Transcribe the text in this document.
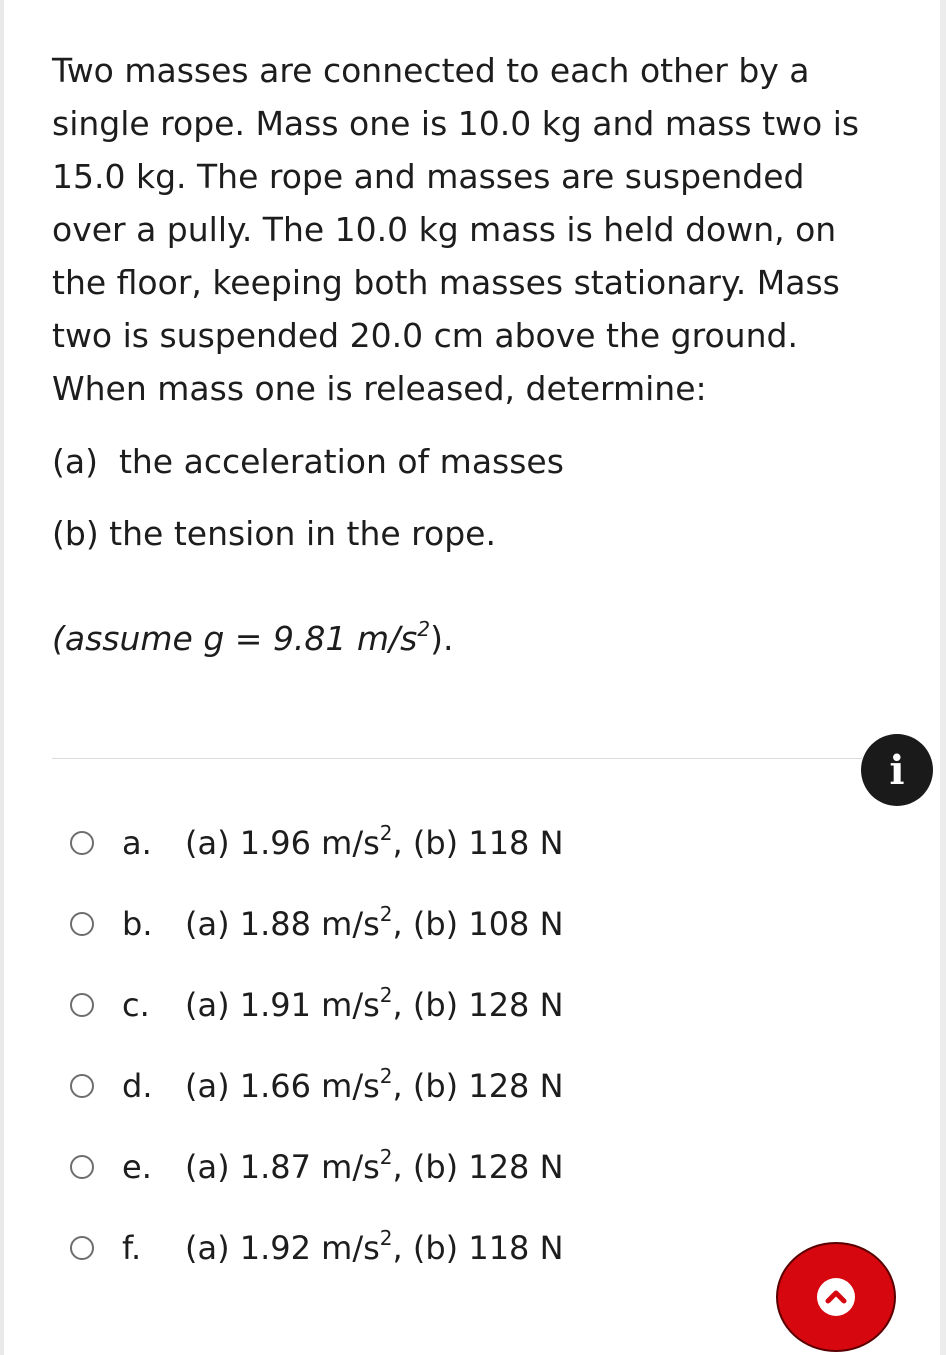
Two masses are connected to each other by a
single rope. Mass one is 10.0 kg and mass two is
15.0 kg. The rope and masses are suspended
over a pully. The 10.0 kg mass is held down, on
the floor, keeping both masses stationary. Mass
two is suspended 20.0 cm above the ground.
When mass one is released, determine:

(a)  the acceleration of masses

(b) the tension in the rope.

(assume g = 9.81 $m/s^2$).

i
a. (a) 1.96 $m/s^2$, (b) 118 N
b. (a) 1.88 $m/s^2$, (b) 108 N
c. (a) 1.91 $m/s^2$, (b) 128 N
d. (a) 1.66 $m/s^2$, (b) 128 N
e. (a) 1.87 $m/s^2$, (b) 128 N
f. (a) 1.92 $m/s^2$, (b) 118 N
